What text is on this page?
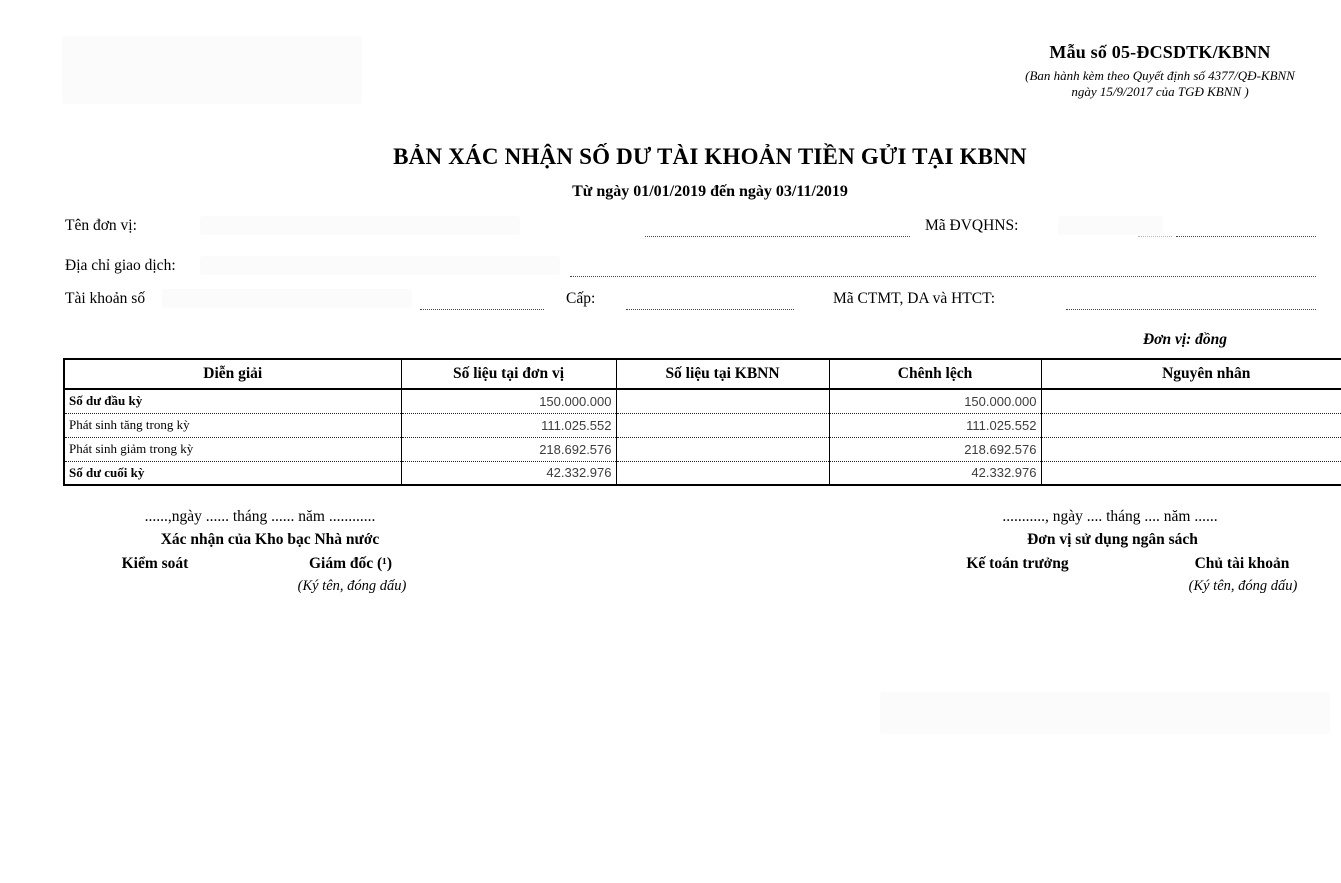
Mẫu số 05-ĐCSDTK/KBNN
(Ban hành kèm theo Quyết định số 4377/QĐ-KBNN
ngày 15/9/2017 của TGĐ KBNN )
BẢN XÁC NHẬN SỐ DƯ TÀI KHOẢN TIỀN GỬI TẠI KBNN
Từ ngày 01/01/2019 đến ngày 03/11/2019
Tên đơn vị:	Mã ĐVQHNS:
Địa chỉ giao dịch:
Tài khoản số	Cấp:	Mã CTMT, DA và HTCT:
Đơn vị: đồng
Diễn giải	Số liệu tại đơn vị	Số liệu tại KBNN	Chênh lệch	Nguyên nhân
Số dư đầu kỳ	150.000.000		150.000.000	
Phát sinh tăng trong kỳ	111.025.552		111.025.552	
Phát sinh giảm trong kỳ	218.692.576		218.692.576	
Số dư cuối kỳ	42.332.976		42.332.976	
......,ngày ...... tháng ...... năm ............
Xác nhận của Kho bạc Nhà nước
Kiểm soát	Giám đốc (¹)
(Ký tên, đóng dấu)
..........., ngày .... tháng .... năm ......
Đơn vị sử dụng ngân sách
Kế toán trưởng	Chủ tài khoản
(Ký tên, đóng dấu)
